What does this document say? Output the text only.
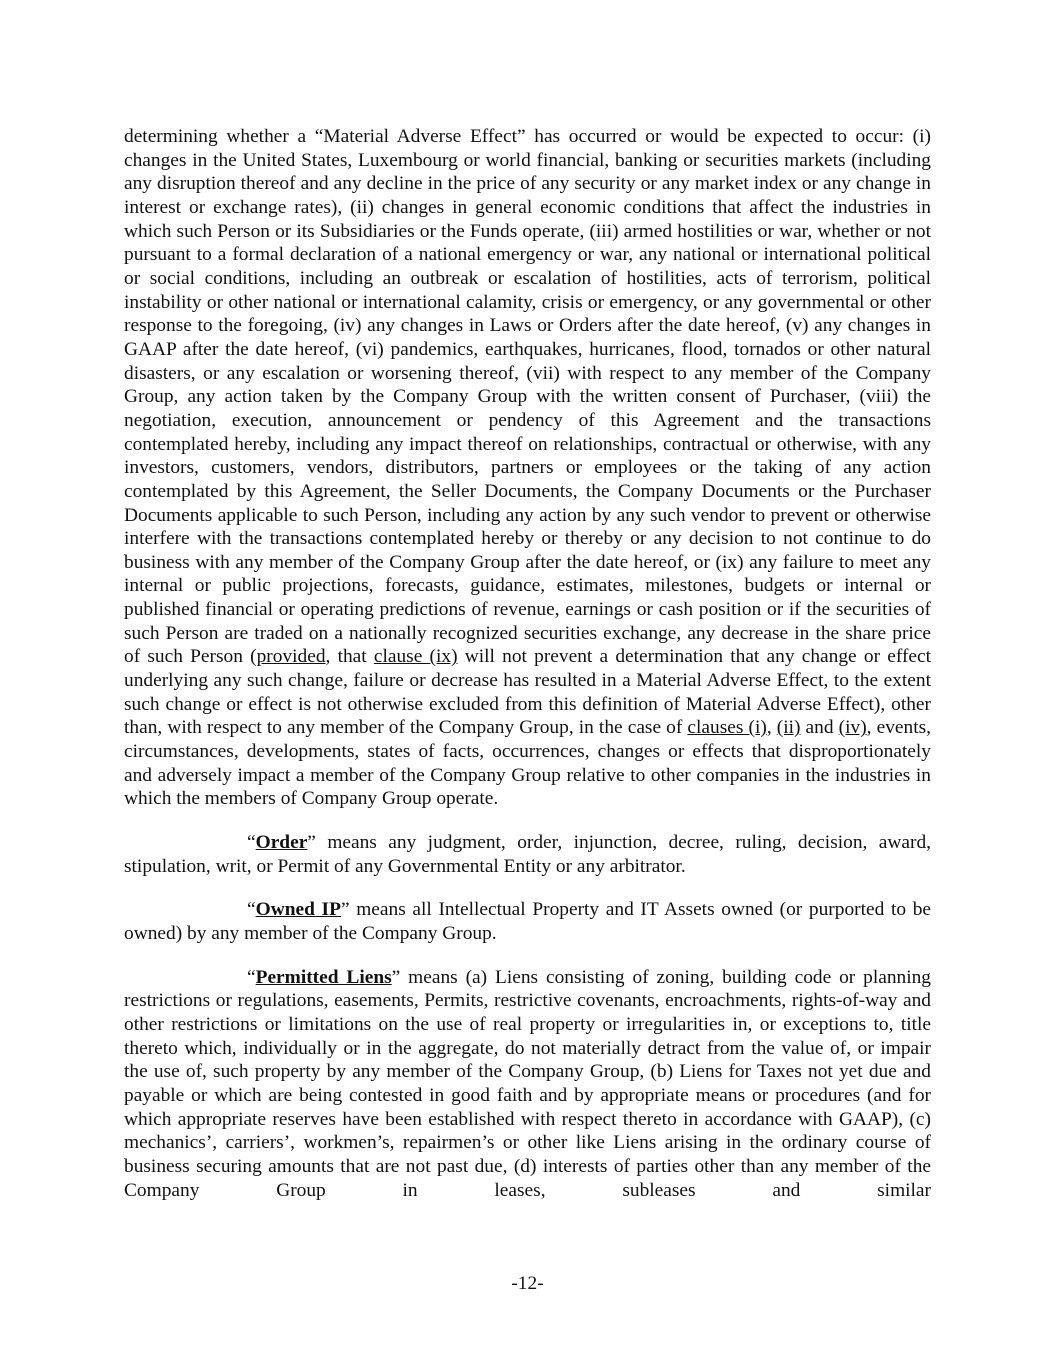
determining whether a “Material Adverse Effect” has occurred or would be expected to occur: (i) changes in the United States, Luxembourg or world financial, banking or securities markets (including any disruption thereof and any decline in the price of any security or any market index or any change in interest or exchange rates), (ii) changes in general economic conditions that affect the industries in which such Person or its Subsidiaries or the Funds operate, (iii) armed hostilities or war, whether or not pursuant to a formal declaration of a national emergency or war, any national or international political or social conditions, including an outbreak or escalation of hostilities, acts of terrorism, political instability or other national or international calamity, crisis or emergency, or any governmental or other response to the foregoing, (iv) any changes in Laws or Orders after the date hereof, (v) any changes in GAAP after the date hereof, (vi) pandemics, earthquakes, hurricanes, flood, tornados or other natural disasters, or any escalation or worsening thereof, (vii) with respect to any member of the Company Group, any action taken by the Company Group with the written consent of Purchaser, (viii) the negotiation, execution, announcement or pendency of this Agreement and the transactions contemplated hereby, including any impact thereof on relationships, contractual or otherwise, with any investors, customers, vendors, distributors, partners or employees or the taking of any action contemplated by this Agreement, the Seller Documents, the Company Documents or the Purchaser Documents applicable to such Person, including any action by any such vendor to prevent or otherwise interfere with the transactions contemplated hereby or thereby or any decision to not continue to do business with any member of the Company Group after the date hereof, or (ix) any failure to meet any internal or public projections, forecasts, guidance, estimates, milestones, budgets or internal or published financial or operating predictions of revenue, earnings or cash position or if the securities of such Person are traded on a nationally recognized securities exchange, any decrease in the share price of such Person (provided, that clause (ix) will not prevent a determination that any change or effect underlying any such change, failure or decrease has resulted in a Material Adverse Effect, to the extent such change or effect is not otherwise excluded from this definition of Material Adverse Effect), other than, with respect to any member of the Company Group, in the case of clauses (i), (ii) and (iv), events, circumstances, developments, states of facts, occurrences, changes or effects that disproportionately and adversely impact a member of the Company Group relative to other companies in the industries in which the members of Company Group operate.

“Order” means any judgment, order, injunction, decree, ruling, decision, award, stipulation, writ, or Permit of any Governmental Entity or any arbitrator.

“Owned IP” means all Intellectual Property and IT Assets owned (or purported to be owned) by any member of the Company Group.

“Permitted Liens” means (a) Liens consisting of zoning, building code or planning restrictions or regulations, easements, Permits, restrictive covenants, encroachments, rights-of-way and other restrictions or limitations on the use of real property or irregularities in, or exceptions to, title thereto which, individually or in the aggregate, do not materially detract from the value of, or impair the use of, such property by any member of the Company Group, (b) Liens for Taxes not yet due and payable or which are being contested in good faith and by appropriate means or procedures (and for which appropriate reserves have been established with respect thereto in accordance with GAAP), (c) mechanics’, carriers’, workmen’s, repairmen’s or other like Liens arising in the ordinary course of business securing amounts that are not past due, (d) interests of parties other than any member of the Company Group in leases, subleases and similar

-12-
